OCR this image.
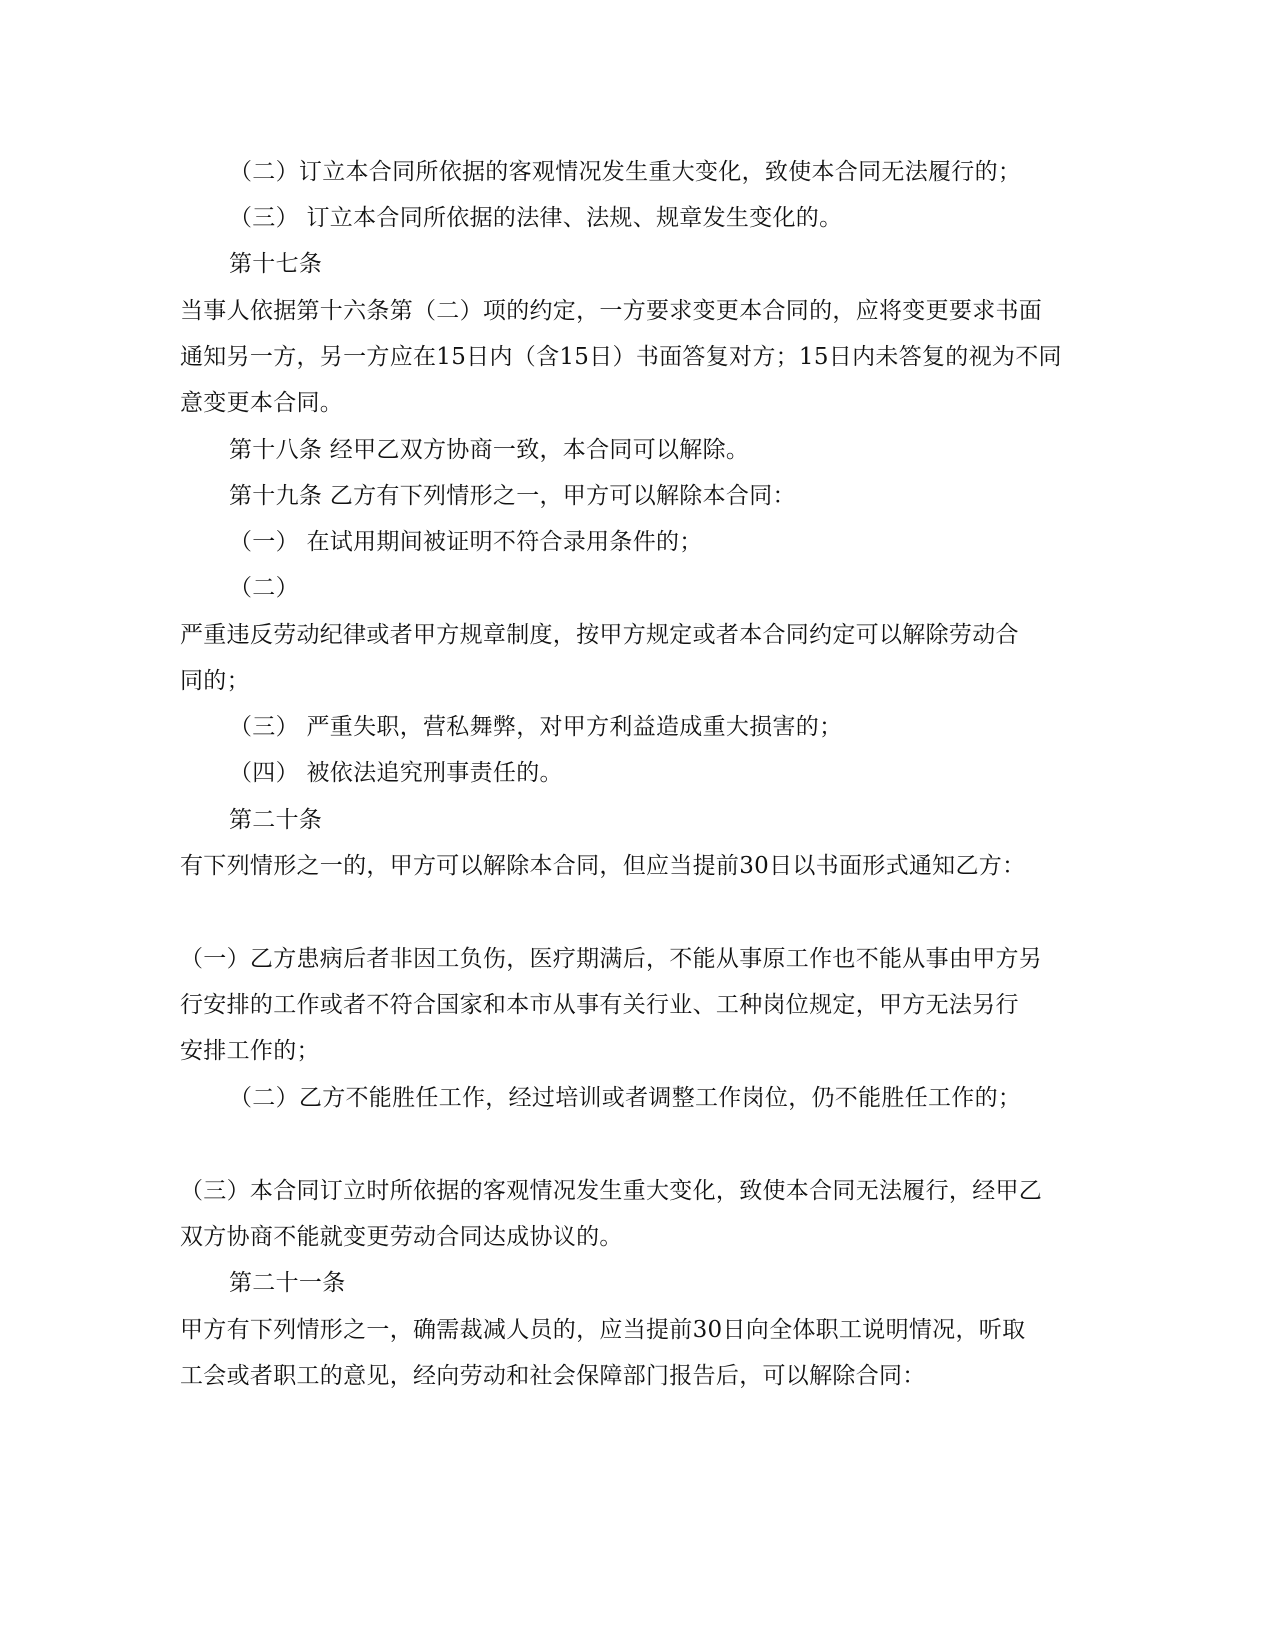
（二）订立本合同所依据的客观情况发生重大变化，致使本合同无法履行的；
（三） 订立本合同所依据的法律、法规、规章发生变化的。
第十七条
当事人依据第十六条第（二）项的约定，一方要求变更本合同的，应将变更要求书面
通知另一方，另一方应在15日内（含15日）书面答复对方；15日内未答复的视为不同
意变更本合同。
第十八条 经甲乙双方协商一致，本合同可以解除。
第十九条 乙方有下列情形之一，甲方可以解除本合同：
（一） 在试用期间被证明不符合录用条件的；
（二）
严重违反劳动纪律或者甲方规章制度，按甲方规定或者本合同约定可以解除劳动合
同的；
（三） 严重失职，营私舞弊，对甲方利益造成重大损害的；
（四） 被依法追究刑事责任的。
第二十条
有下列情形之一的，甲方可以解除本合同，但应当提前30日以书面形式通知乙方：
（一）乙方患病后者非因工负伤，医疗期满后，不能从事原工作也不能从事由甲方另
行安排的工作或者不符合国家和本市从事有关行业、工种岗位规定，甲方无法另行
安排工作的；
（二）乙方不能胜任工作，经过培训或者调整工作岗位，仍不能胜任工作的；
（三）本合同订立时所依据的客观情况发生重大变化，致使本合同无法履行，经甲乙
双方协商不能就变更劳动合同达成协议的。
第二十一条
甲方有下列情形之一，确需裁减人员的，应当提前30日向全体职工说明情况，听取
工会或者职工的意见，经向劳动和社会保障部门报告后，可以解除合同：
